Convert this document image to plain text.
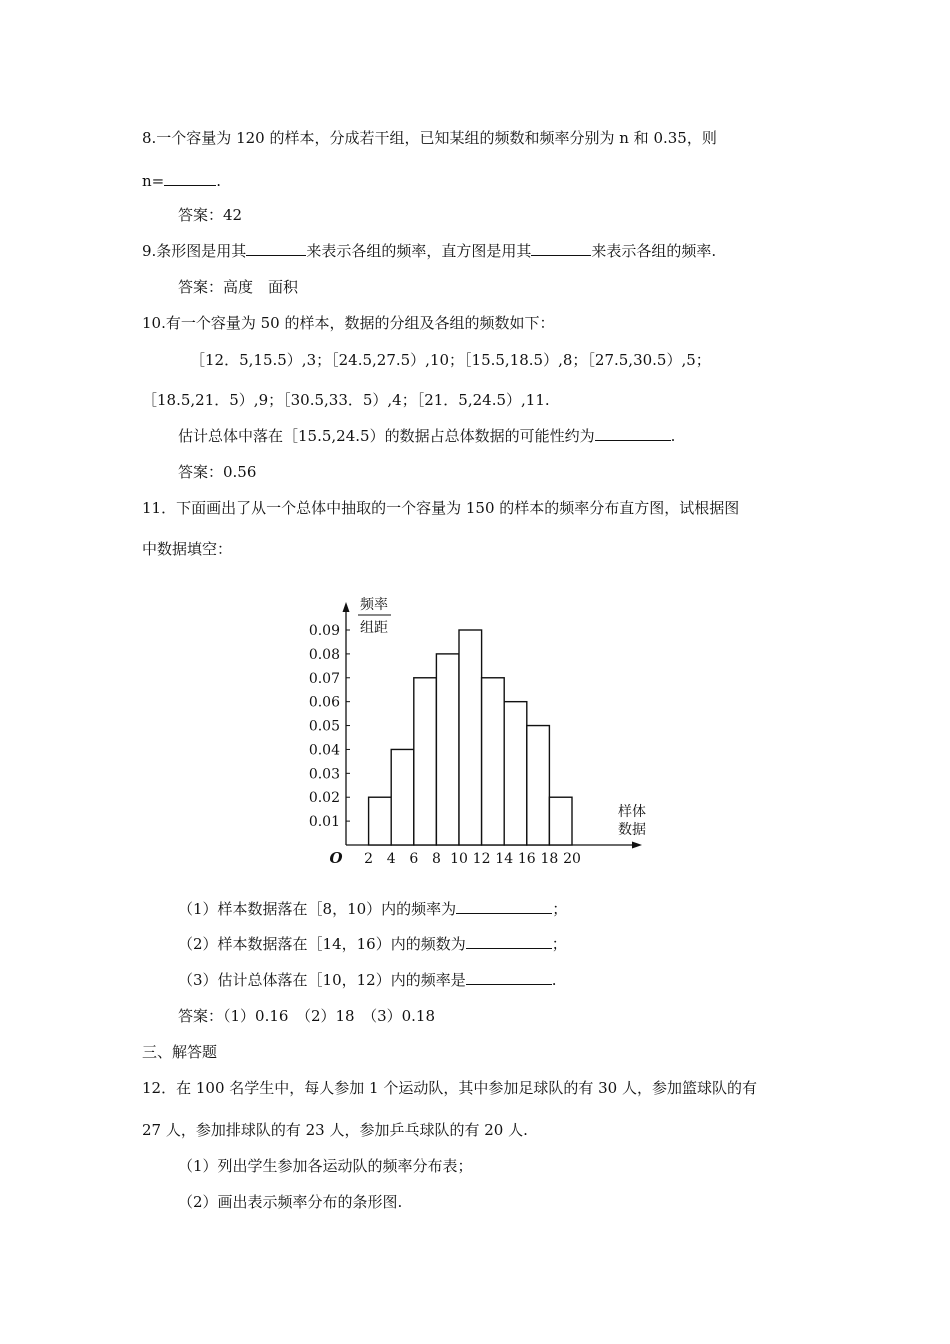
8.一个容量为 120 的样本，分成若干组，已知某组的频数和频率分别为 n 和 0.35，则
n=	.
答案：42
9.条形图是用其	来表示各组的频率，直方图是用其	来表示各组的频率.
答案：高度　面积
10.有一个容量为 50 的样本，数据的分组及各组的频数如下：
［12．5,15.5）,3；［24.5,27.5）,10；［15.5,18.5）,8；［27.5,30.5）,5；
［18.5,21．5）,9；［30.5,33．5）,4；［21．5,24.5）,11.
估计总体中落在［15.5,24.5）的数据占总体数据的可能性约为	.
答案：0.56
11．下面画出了从一个总体中抽取的一个容量为 150 的样本的频率分布直方图，试根据图
中数据填空：
0.01
0.02
0.03
0.04
0.05
0.06
0.07
0.08
0.09
2 4 6 8 10 12 14 16 18 20
O
频率
组距
样体
数据
（1）样本数据落在［8，10）内的频率为	；
（2）样本数据落在［14，16）内的频数为	；
（3）估计总体落在［10，12）内的频率是	.
答案：（1）0.16　（2）18　（3）0.18
三、解答题
12．在 100 名学生中，每人参加 1 个运动队，其中参加足球队的有 30 人，参加篮球队的有
27 人，参加排球队的有 23 人，参加乒乓球队的有 20 人.
（1）列出学生参加各运动队的频率分布表；
（2）画出表示频率分布的条形图.
